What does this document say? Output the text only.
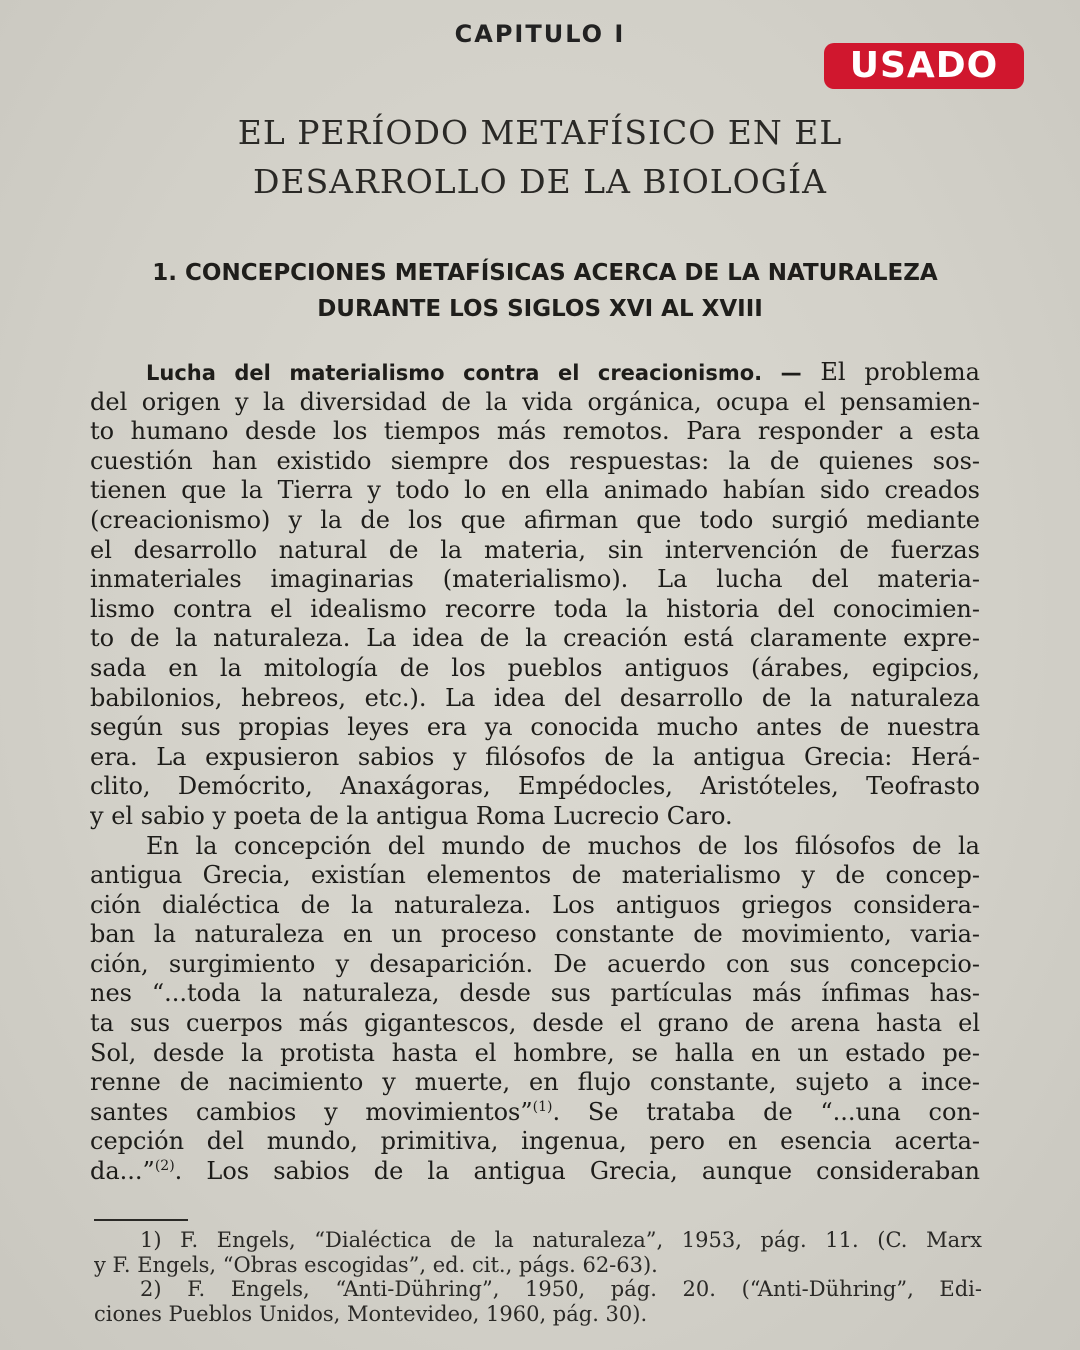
CAPITULO I
USADO
EL PERÍODO METAFÍSICO EN EL
DESARROLLO DE LA BIOLOGÍA
1. CONCEPCIONES METAFÍSICAS ACERCA DE LA NATURALEZA
DURANTE LOS SIGLOS XVI AL XVIII
Lucha del materialismo contra el creacionismo. — El problema
del origen y la diversidad de la vida orgánica, ocupa el pensamien-
to humano desde los tiempos más remotos. Para responder a esta
cuestión han existido siempre dos respuestas: la de quienes sos-
tienen que la Tierra y todo lo en ella animado habían sido creados
(creacionismo) y la de los que afirman que todo surgió mediante
el desarrollo natural de la materia, sin intervención de fuerzas
inmateriales imaginarias (materialismo). La lucha del materia-
lismo contra el idealismo recorre toda la historia del conocimien-
to de la naturaleza. La idea de la creación está claramente expre-
sada en la mitología de los pueblos antiguos (árabes, egipcios,
babilonios, hebreos, etc.). La idea del desarrollo de la naturaleza
según sus propias leyes era ya conocida mucho antes de nuestra
era. La expusieron sabios y filósofos de la antigua Grecia: Herá-
clito, Demócrito, Anaxágoras, Empédocles, Aristóteles, Teofrasto
y el sabio y poeta de la antigua Roma Lucrecio Caro.
En la concepción del mundo de muchos de los filósofos de la
antigua Grecia, existían elementos de materialismo y de concep-
ción dialéctica de la naturaleza. Los antiguos griegos considera-
ban la naturaleza en un proceso constante de movimiento, varia-
ción, surgimiento y desaparición. De acuerdo con sus concepcio-
nes “...toda la naturaleza, desde sus partículas más ínfimas has-
ta sus cuerpos más gigantescos, desde el grano de arena hasta el
Sol, desde la protista hasta el hombre, se halla en un estado pe-
renne de nacimiento y muerte, en flujo constante, sujeto a ince-
santes cambios y movimientos”$^{(1)}$. Se trataba de “...una con-
cepción del mundo, primitiva, ingenua, pero en esencia acerta-
da...”$^{(2)}$. Los sabios de la antigua Grecia, aunque consideraban
1) F. Engels, “Dialéctica de la naturaleza”, 1953, pág. 11. (C. Marx
y F. Engels, “Obras escogidas”, ed. cit., págs. 62-63).
2) F. Engels, “Anti-Dühring”, 1950, pág. 20. (“Anti-Dühring”, Edi-
ciones Pueblos Unidos, Montevideo, 1960, pág. 30).
